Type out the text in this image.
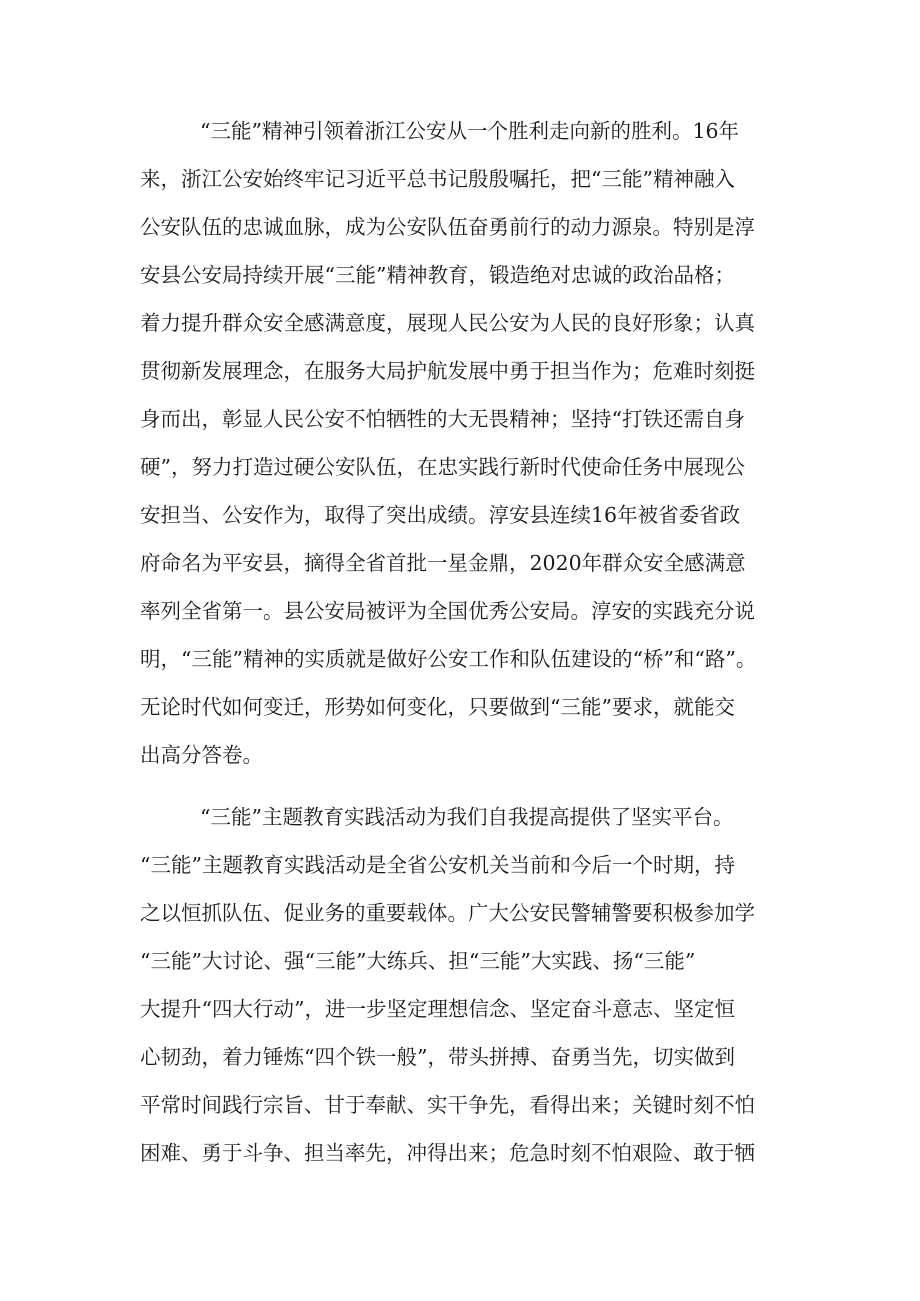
“三能”精神引领着浙江公安从一个胜利走向新的胜利。16年
来，浙江公安始终牢记习近平总书记殷殷嘱托，把“三能”精神融入
公安队伍的忠诚血脉，成为公安队伍奋勇前行的动力源泉。特别是淳
安县公安局持续开展“三能”精神教育，锻造绝对忠诚的政治品格；
着力提升群众安全感满意度，展现人民公安为人民的良好形象；认真
贯彻新发展理念，在服务大局护航发展中勇于担当作为；危难时刻挺
身而出，彰显人民公安不怕牺牲的大无畏精神；坚持“打铁还需自身
硬”，努力打造过硬公安队伍，在忠实践行新时代使命任务中展现公
安担当、公安作为，取得了突出成绩。淳安县连续16年被省委省政
府命名为平安县，摘得全省首批一星金鼎，2020年群众安全感满意
率列全省第一。县公安局被评为全国优秀公安局。淳安的实践充分说
明，“三能”精神的实质就是做好公安工作和队伍建设的“桥”和“路”。
无论时代如何变迁，形势如何变化，只要做到“三能”要求，就能交
出高分答卷。
“三能”主题教育实践活动为我们自我提高提供了坚实平台。
“三能”主题教育实践活动是全省公安机关当前和今后一个时期，持
之以恒抓队伍、促业务的重要载体。广大公安民警辅警要积极参加学
“三能”大讨论、强“三能”大练兵、担“三能”大实践、扬“三能”
大提升“四大行动”，进一步坚定理想信念、坚定奋斗意志、坚定恒
心韧劲，着力锤炼“四个铁一般”，带头拼搏、奋勇当先，切实做到
平常时间践行宗旨、甘于奉献、实干争先，看得出来；关键时刻不怕
困难、勇于斗争、担当率先，冲得出来；危急时刻不怕艰险、敢于牺
